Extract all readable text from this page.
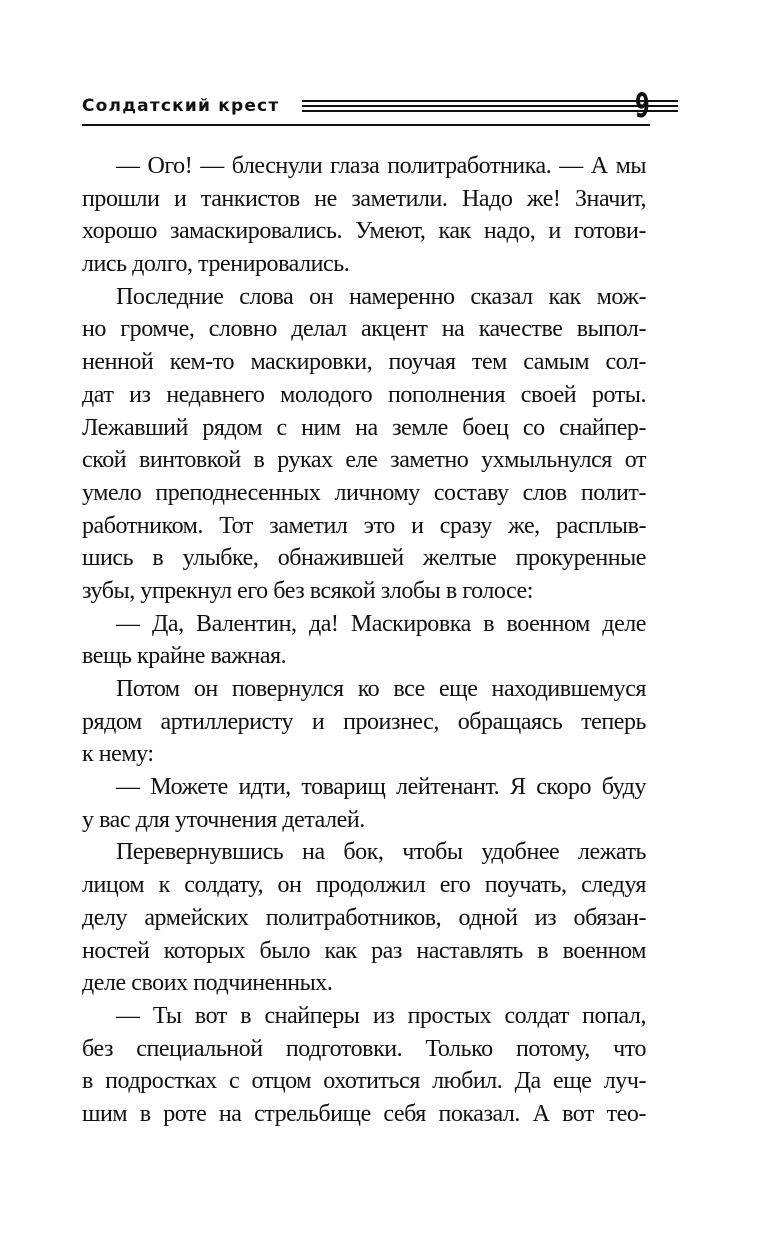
Солдатский крест	9
— Ого! — блеснули глаза политработника. — А мы
прошли и танкистов не заметили. Надо же! Значит,
хорошо замаскировались. Умеют, как надо, и готови-
лись долго, тренировались.
Последние слова он намеренно сказал как мож-
но громче, словно делал акцент на качестве выпол-
ненной кем-то маскировки, поучая тем самым сол-
дат из недавнего молодого пополнения своей роты.
Лежавший рядом с ним на земле боец со снайпер-
ской винтовкой в руках еле заметно ухмыльнулся от
умело преподнесенных личному составу слов полит-
работником. Тот заметил это и сразу же, расплыв-
шись в улыбке, обнажившей желтые прокуренные
зубы, упрекнул его без всякой злобы в голосе:
— Да, Валентин, да! Маскировка в военном деле
вещь крайне важная.
Потом он повернулся ко все еще находившемуся
рядом артиллеристу и произнес, обращаясь теперь
к нему:
— Можете идти, товарищ лейтенант. Я скоро буду
у вас для уточнения деталей.
Перевернувшись на бок, чтобы удобнее лежать
лицом к солдату, он продолжил его поучать, следуя
делу армейских политработников, одной из обязан-
ностей которых было как раз наставлять в военном
деле своих подчиненных.
— Ты вот в снайперы из простых солдат попал,
без специальной подготовки. Только потому, что
в подростках с отцом охотиться любил. Да еще луч-
шим в роте на стрельбище себя показал. А вот тео-
